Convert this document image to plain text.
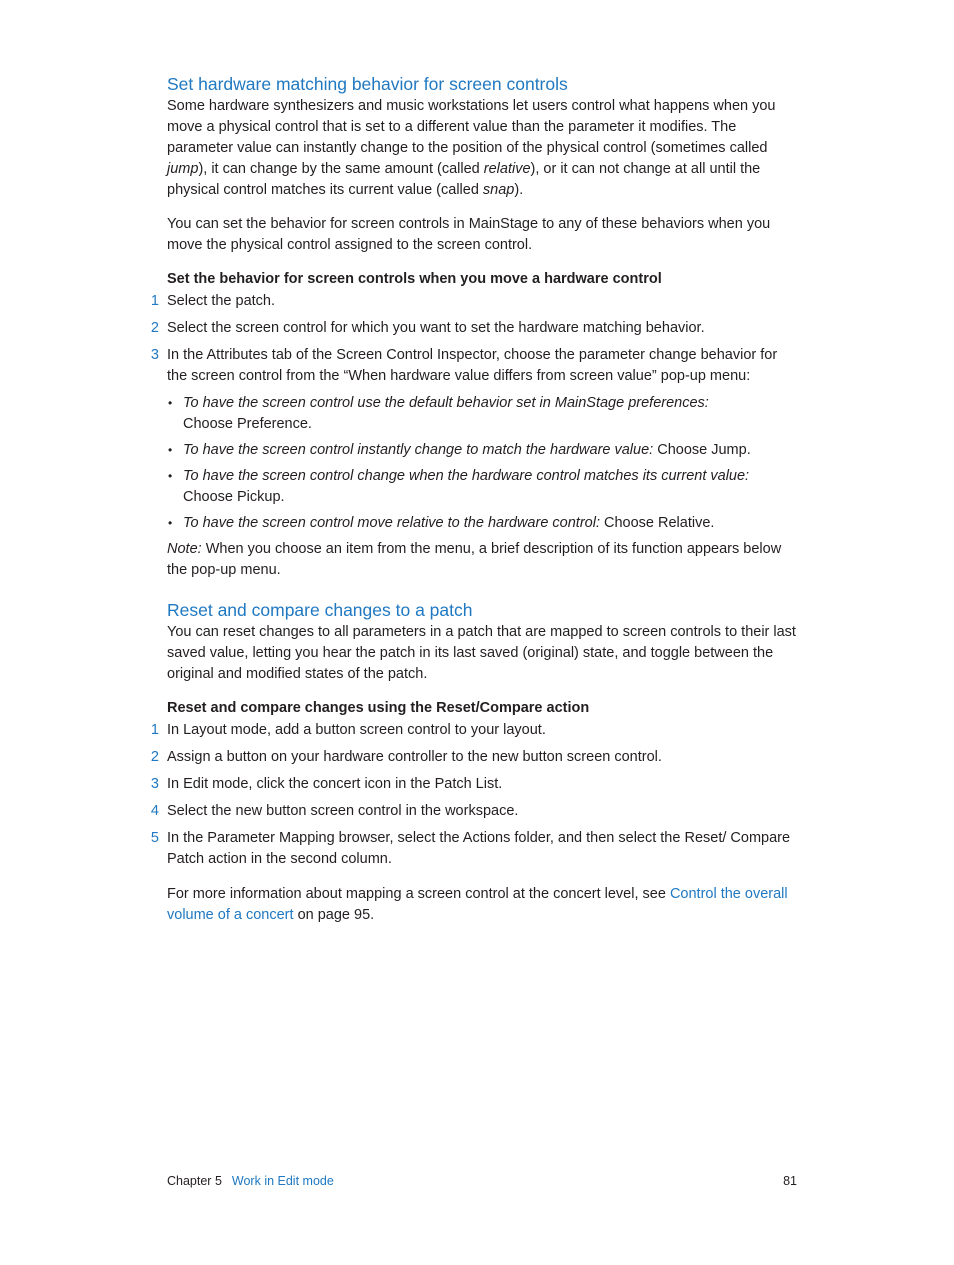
Set hardware matching behavior for screen controls

Some hardware synthesizers and music workstations let users control what happens when you move a physical control that is set to a different value than the parameter it modifies. The parameter value can instantly change to the position of the physical control (sometimes called jump), it can change by the same amount (called relative), or it can not change at all until the physical control matches its current value (called snap).

You can set the behavior for screen controls in MainStage to any of these behaviors when you move the physical control assigned to the screen control.

Set the behavior for screen controls when you move a hardware control
1 Select the patch.
2 Select the screen control for which you want to set the hardware matching behavior.
3 In the Attributes tab of the Screen Control Inspector, choose the parameter change behavior for the screen control from the “When hardware value differs from screen value” pop-up menu:
• To have the screen control use the default behavior set in MainStage preferences:
Choose Preference.
• To have the screen control instantly change to match the hardware value: Choose Jump.
• To have the screen control change when the hardware control matches its current value:
Choose Pickup.
• To have the screen control move relative to the hardware control: Choose Relative.

Note: When you choose an item from the menu, a brief description of its function appears below the pop-up menu.

Reset and compare changes to a patch

You can reset changes to all parameters in a patch that are mapped to screen controls to their last saved value, letting you hear the patch in its last saved (original) state, and toggle between the original and modified states of the patch.

Reset and compare changes using the Reset/Compare action
1 In Layout mode, add a button screen control to your layout.
2 Assign a button on your hardware controller to the new button screen control.
3 In Edit mode, click the concert icon in the Patch List.
4 Select the new button screen control in the workspace.
5 In the Parameter Mapping browser, select the Actions folder, and then select the Reset/ Compare Patch action in the second column.

For more information about mapping a screen control at the concert level, see Control the overall volume of a concert on page 95.

Chapter 5 Work in Edit mode	81
